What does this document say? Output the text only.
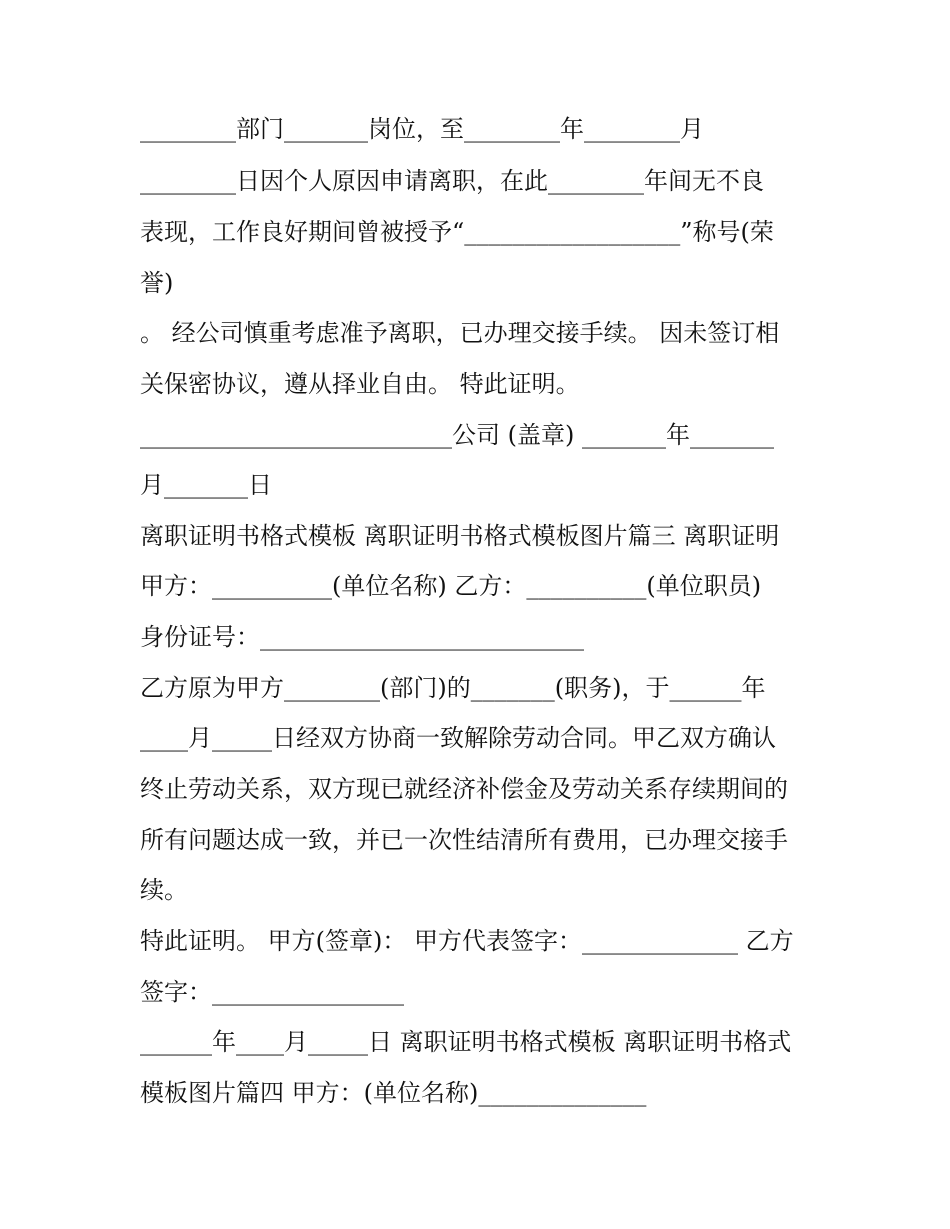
________部门_______岗位，至________年________月
________日因个人原因申请离职，在此________年间无不良
表现，工作良好期间曾被授予“__________________”称号(荣
誉)
。 经公司慎重考虑准予离职，已办理交接手续。 因未签订相
关保密协议，遵从择业自由。 特此证明。
__________________________公司 (盖章) _______年_______
月_______日
离职证明书格式模板 离职证明书格式模板图片篇三 离职证明
甲方：__________(单位名称) 乙方：__________(单位职员)
身份证号：___________________________
乙方原为甲方________(部门)的_______(职务)，于______年
____月_____日经双方协商一致解除劳动合同。甲乙双方确认
终止劳动关系，双方现已就经济补偿金及劳动关系存续期间的
所有问题达成一致，并已一次性结清所有费用，已办理交接手
续。
特此证明。 甲方(签章)： 甲方代表签字：_____________ 乙方
签字：________________
______年____月_____日 离职证明书格式模板 离职证明书格式
模板图片篇四 甲方：(单位名称)______________
